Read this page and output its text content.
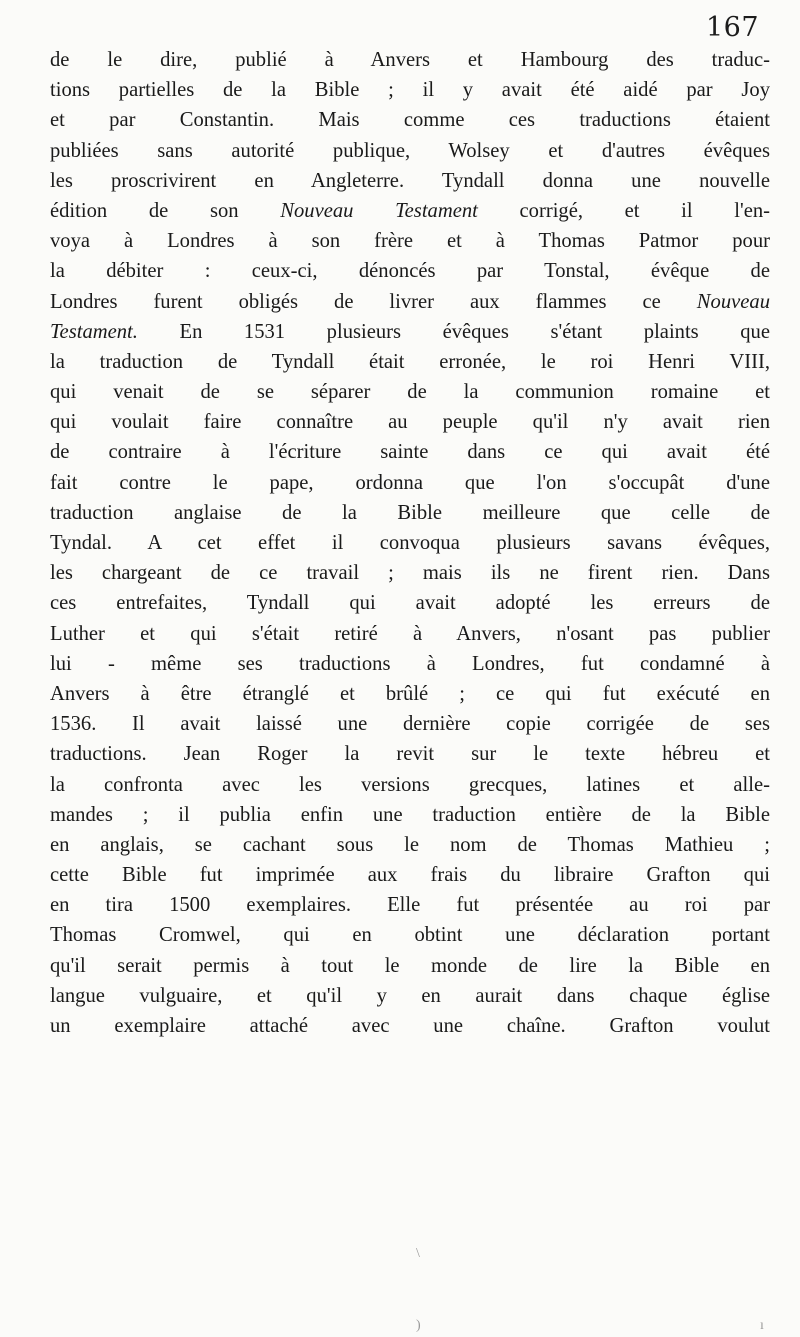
167
de le dire, publié à Anvers et Hambourg des traduc-
tions partielles de la Bible ; il y avait été aidé par Joy
et par Constantin. Mais comme ces traductions étaient
publiées sans autorité publique, Wolsey et d'autres évêques
les proscrivirent en Angleterre. Tyndall donna une nouvelle
édition de son Nouveau Testament corrigé, et il l'en-
voya à Londres à son frère et à Thomas Patmor pour
la débiter : ceux-ci, dénoncés par Tonstal, évêque de
Londres furent obligés de livrer aux flammes ce Nouveau
Testament. En 1531 plusieurs évêques s'étant plaints que
la traduction de Tyndall était erronée, le roi Henri VIII,
qui venait de se séparer de la communion romaine et
qui voulait faire connaître au peuple qu'il n'y avait rien
de contraire à l'écriture sainte dans ce qui avait été
fait contre le pape, ordonna que l'on s'occupât d'une
traduction anglaise de la Bible meilleure que celle de
Tyndal. A cet effet il convoqua plusieurs savans évêques,
les chargeant de ce travail ; mais ils ne firent rien. Dans
ces entrefaites, Tyndall qui avait adopté les erreurs de
Luther et qui s'était retiré à Anvers, n'osant pas publier
lui - même ses traductions à Londres, fut condamné à
Anvers à être étranglé et brûlé ; ce qui fut exécuté en
1536. Il avait laissé une dernière copie corrigée de ses
traductions. Jean Roger la revit sur le texte hébreu et
la confronta avec les versions grecques, latines et alle-
mandes ; il publia enfin une traduction entière de la Bible
en anglais, se cachant sous le nom de Thomas Mathieu ;
cette Bible fut imprimée aux frais du libraire Grafton qui
en tira 1500 exemplaires. Elle fut présentée au roi par
Thomas Cromwel, qui en obtint une déclaration portant
qu'il serait permis à tout le monde de lire la Bible en
langue vulguaire, et qu'il y en aurait dans chaque église
un exemplaire attaché avec une chaîne. Grafton voulut
\
)	ı
